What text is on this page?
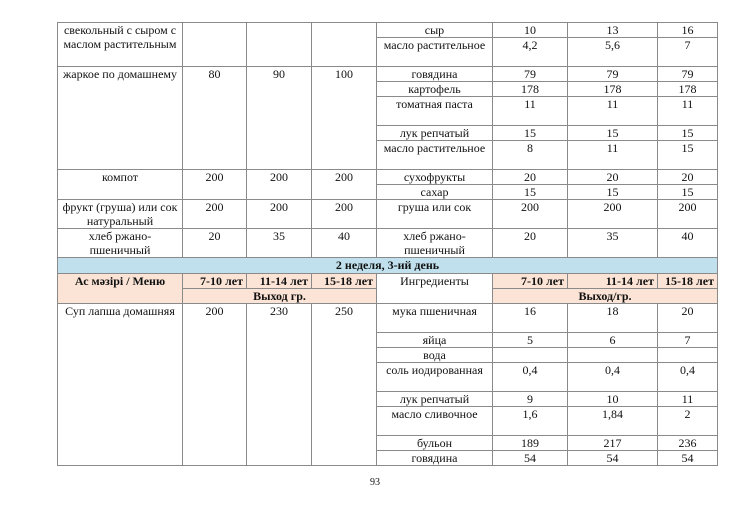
свекольный с сыром с маслом растительным				сыр	10	13	16
				масло растительное	4,2	5,6	7
жаркое по домашнему	80	90	100	говядина	79	79	79
				картофель	178	178	178
				томатная паста	11	11	11
				лук репчатый	15	15	15
				масло растительное	8	11	15
компот	200	200	200	сухофрукты	20	20	20
				сахар	15	15	15
фрукт (груша) или сок натуральный	200	200	200	груша или сок	200	200	200
хлеб ржано-пшеничный	20	35	40	хлеб ржано-пшеничный	20	35	40
2 неделя, 3-ий день							
Ас мәзірі / Меню	7-10 лет	11-14 лет	15-18 лет	Ингредиенты	7-10 лет	11-14 лет	15-18 лет
	Выход гр.				Выход/гр.		
Суп лапша домашняя	200	230	250	мука пшеничная	16	18	20
				яйца	5	6	7
				вода			
				соль иодированная	0,4	0,4	0,4
				лук репчатый	9	10	11
				масло сливочное	1,6	1,84	2
				бульон	189	217	236
				говядина	54	54	54
93
